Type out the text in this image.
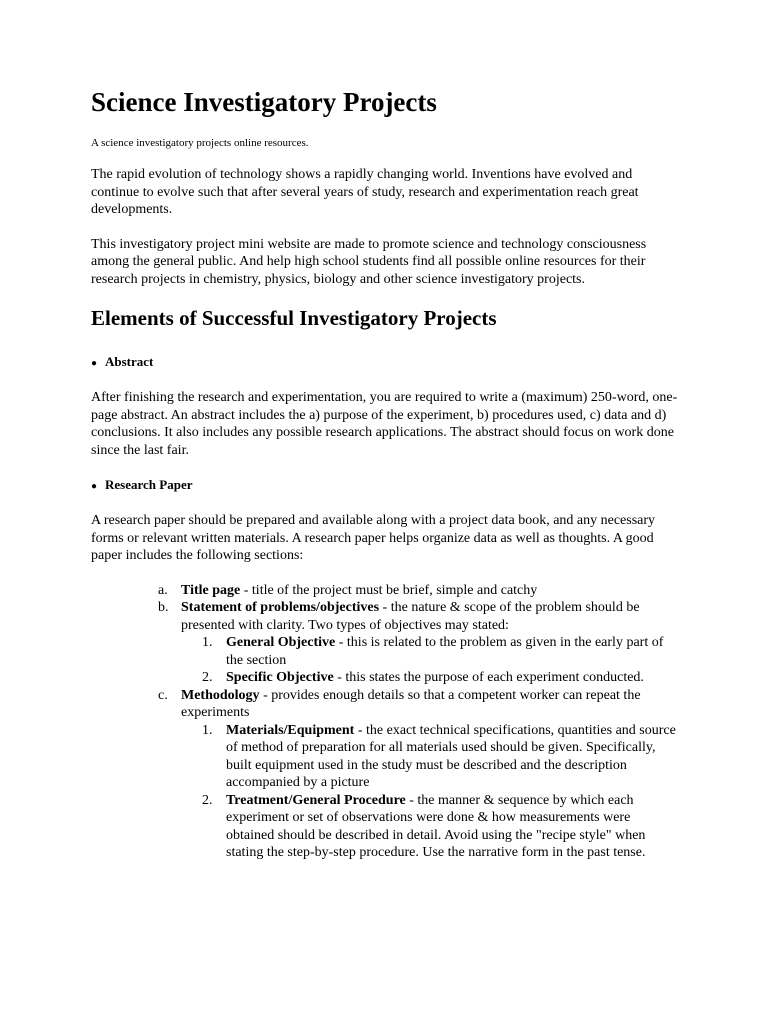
Science Investigatory Projects
A science investigatory projects online resources.

The rapid evolution of technology shows a rapidly changing world. Inventions have evolved and continue to evolve such that after several years of study, research and experimentation reach great developments.

This investigatory project mini website are made to promote science and technology consciousness among the general public. And help high school students find all possible online resources for their research projects in chemistry, physics, biology and other science investigatory projects.

Elements of Successful Investigatory Projects
● Abstract

After finishing the research and experimentation, you are required to write a (maximum) 250-word, one-page abstract. An abstract includes the a) purpose of the experiment, b) procedures used, c) data and d) conclusions. It also includes any possible research applications. The abstract should focus on work done since the last fair.

● Research Paper

A research paper should be prepared and available along with a project data book, and any necessary forms or relevant written materials. A research paper helps organize data as well as thoughts. A good paper includes the following sections:

a. Title page - title of the project must be brief, simple and catchy
b. Statement of problems/objectives - the nature & scope of the problem should be presented with clarity. Two types of objectives may stated:
1. General Objective - this is related to the problem as given in the early part of the section
2. Specific Objective - this states the purpose of each experiment conducted.
c. Methodology - provides enough details so that a competent worker can repeat the experiments
1. Materials/Equipment - the exact technical specifications, quantities and source of method of preparation for all materials used should be given. Specifically, built equipment used in the study must be described and the description accompanied by a picture
2. Treatment/General Procedure - the manner & sequence by which each experiment or set of observations were done & how measurements were obtained should be described in detail. Avoid using the "recipe style" when stating the step-by-step procedure. Use the narrative form in the past tense.
